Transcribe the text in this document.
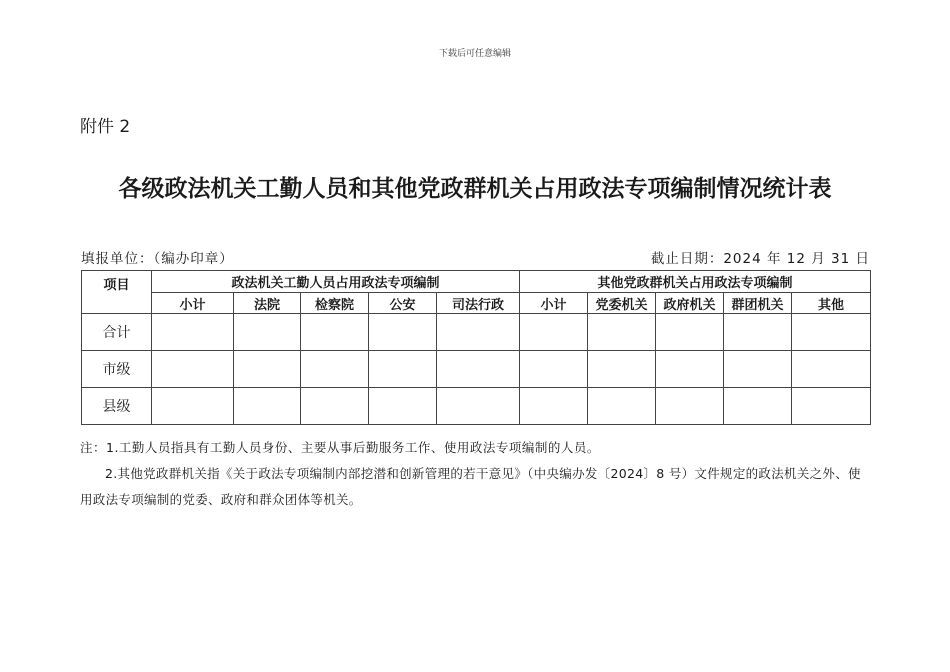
下载后可任意编辑
附件 2
各级政法机关工勤人员和其他党政群机关占用政法专项编制情况统计表
填报单位：（编办印章）	截止日期：2024 年 12 月 31 日
项目	政法机关工勤人员占用政法专项编制					其他党政群机关占用政法专项编制				
	小计	法院	检察院	公安	司法行政	小计	党委机关	政府机关	群团机关	其他
合计										
市级										
县级										
注：1.工勤人员指具有工勤人员身份、主要从事后勤服务工作、使用政法专项编制的人员。
2.其他党政群机关指《关于政法专项编制内部挖潜和创新管理的若干意见》（中央编办发〔2024〕8 号）文件规定的政法机关之外、使用政法专项编制的党委、政府和群众团体等机关。
